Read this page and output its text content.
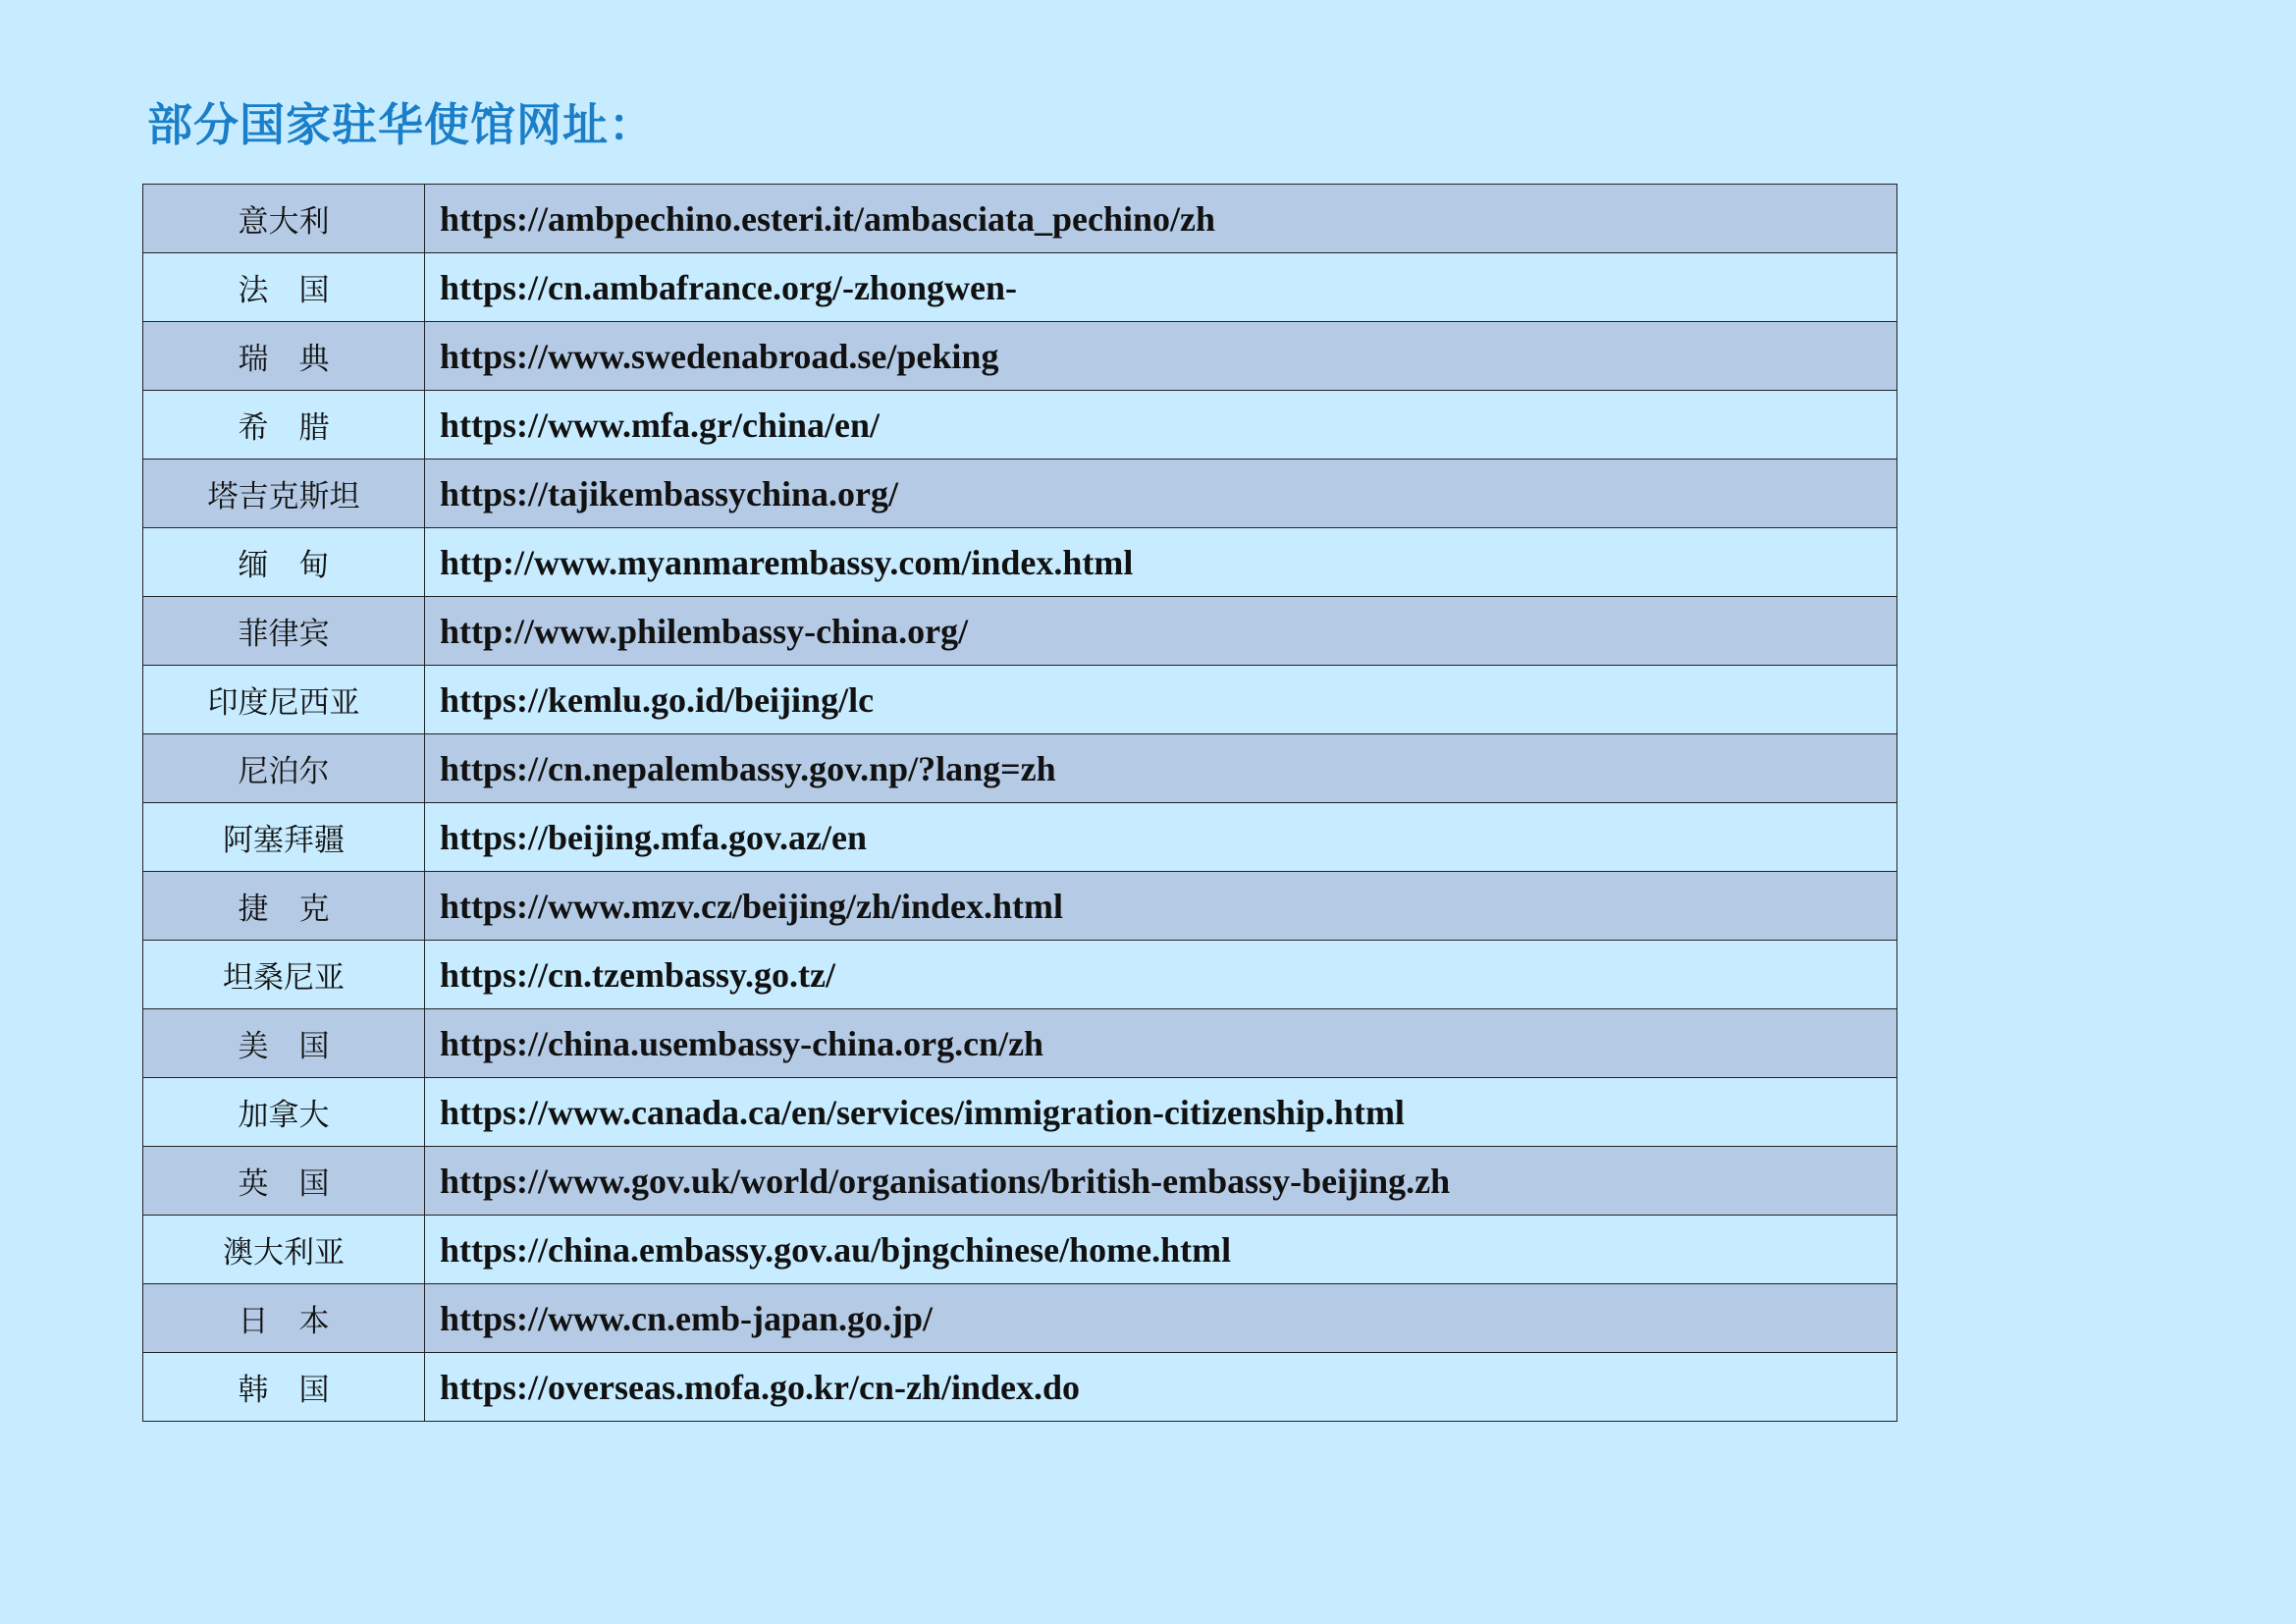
部分国家驻华使馆网址：
意大利	https://ambpechino.esteri.it/ambasciata_pechino/zh
法　国	https://cn.ambafrance.org/-zhongwen-
瑞　典	https://www.swedenabroad.se/peking
希　腊	https://www.mfa.gr/china/en/
塔吉克斯坦	https://tajikembassychina.org/
缅　甸	http://www.myanmarembassy.com/index.html
菲律宾	http://www.philembassy-china.org/
印度尼西亚	https://kemlu.go.id/beijing/lc
尼泊尔	https://cn.nepalembassy.gov.np/?lang=zh
阿塞拜疆	https://beijing.mfa.gov.az/en
捷　克	https://www.mzv.cz/beijing/zh/index.html
坦桑尼亚	https://cn.tzembassy.go.tz/
美　国	https://china.usembassy-china.org.cn/zh
加拿大	https://www.canada.ca/en/services/immigration-citizenship.html
英　国	https://www.gov.uk/world/organisations/british-embassy-beijing.zh
澳大利亚	https://china.embassy.gov.au/bjngchinese/home.html
日　本	https://www.cn.emb-japan.go.jp/
韩　国	https://overseas.mofa.go.kr/cn-zh/index.do
